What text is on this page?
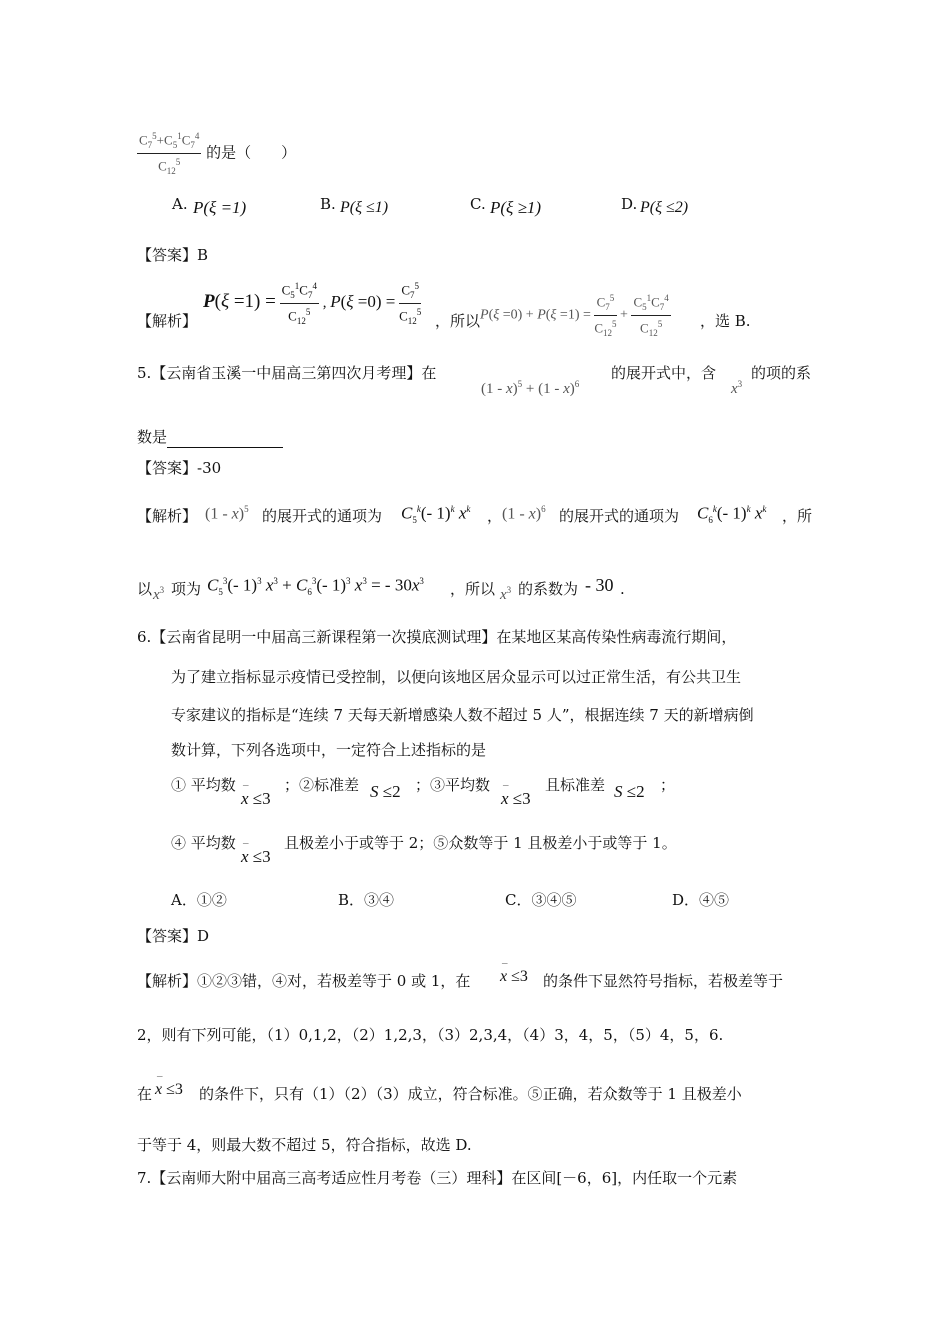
$\frac{C_7^5+C_5^1C_7^4}{C_{12}^5}$ 的是（　　）
A. P(ξ =1)	B. P(ξ ≤1)	C. P(ξ ≥1)	D. P(ξ ≤2)
【答案】B
【解析】
$P(\xi =1) = \frac{C_5^1C_7^4}{C_{12}^5}$ , $P(\xi =0) = \frac{C_7^5}{C_{12}^5}$ ，所以 $P(\xi =0) + P(\xi =1) = \frac{C_7^5}{C_{12}^5} + \frac{C_5^1C_7^4}{C_{12}^5}$ ，选 B.
5.【云南省玉溪一中届高三第四次月考理】在
(1 - x)$^5$ + (1 - x)$^6$
的展开式中，含
$x^3$
的项的系
数是
【答案】-30
【解析】 (1 - x)$^5$ 的展开式的通项为 $C_5^k(-$ 1)$^k$ $x^k$ ， (1 - x)$^6$ 的展开式的通项为 $C_6^k(-$ 1)$^k$ $x^k$ ，所
以 $x^3$ 项为 $C_5^3(-$ 1)$^3$ $x^3 + C_6^3(-$ 1)$^3$ $x^3$ = - $30x^3$ ，所以 $x^3$ 的系数为 - 30 .
6.【云南省昆明一中届高三新课程第一次摸底测试理】在某地区某高传染性病毒流行期间，
为了建立指标显示疫情已受控制，以便向该地区居众显示可以过正常生活，有公共卫生
专家建议的指标是“连续 7 天每天新增感染人数不超过 5 人”，根据连续 7 天的新增病倒
数计算，下列各选项中，一定符合上述指标的是
① 平均数
– x ≤3
；②标准差 S ≤2 ；③平均数
– x ≤3
且标准差 S ≤2 ；
④ 平均数
– x ≤3
且极差小于或等于 2；⑤众数等于 1 且极差小于或等于 1。
A．①②	B．③④	C．③④⑤	D．④⑤
【答案】D
【解析】①②③错，④对，若极差等于 0 或 1，在 – x ≤3 的条件下显然符号指标，若极差等于
2，则有下列可能，（1）0,1,2，（2）1,2,3，（3）2,3,4，（4）3，4，5，（5）4，5，6.
在 – x ≤3 的条件下，只有（1）（2）（3）成立，符合标准。⑤正确，若众数等于 1 且极差小
于等于 4，则最大数不超过 5，符合指标，故选 D.
7.【云南师大附中届高三高考适应性月考卷（三）理科】在区间[－6，6]，内任取一个元素
